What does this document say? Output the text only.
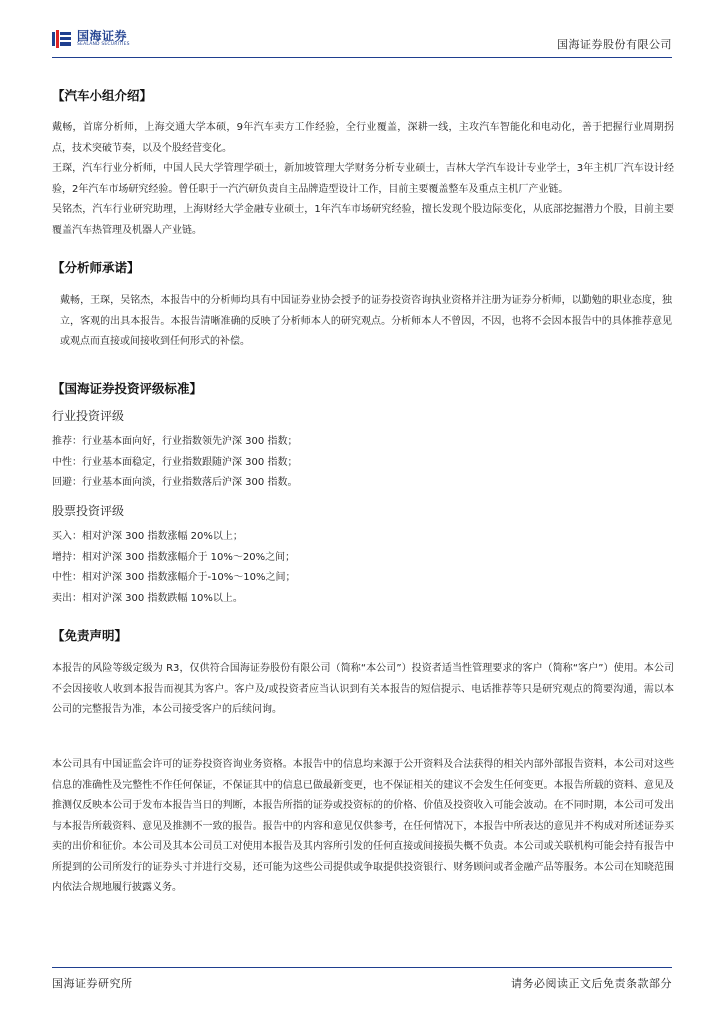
国海证券
SEALAND SECURITIES	国海证券股份有限公司
【汽车小组介绍】

戴畅，首席分析师，上海交通大学本硕，9年汽车卖方工作经验，全行业覆盖，深耕一线，主攻汽车智能化和电动化，善于把握行业周期拐点，技术突破节奏，以及个股经营变化。

王琛，汽车行业分析师，中国人民大学管理学硕士，新加坡管理大学财务分析专业硕士，吉林大学汽车设计专业学士，3年主机厂汽车设计经验，2年汽车市场研究经验。曾任职于一汽汽研负责自主品牌造型设计工作，目前主要覆盖整车及重点主机厂产业链。

吴铭杰，汽车行业研究助理，上海财经大学金融专业硕士，1年汽车市场研究经验，擅长发现个股边际变化，从底部挖掘潜力个股，目前主要覆盖汽车热管理及机器人产业链。

【分析师承诺】

戴畅，王琛，吴铭杰，本报告中的分析师均具有中国证券业协会授予的证券投资咨询执业资格并注册为证券分析师，以勤勉的职业态度，独立，客观的出具本报告。本报告清晰准确的反映了分析师本人的研究观点。分析师本人不曾因，不因，也将不会因本报告中的具体推荐意见或观点而直接或间接收到任何形式的补偿。

【国海证券投资评级标准】
行业投资评级
推荐：行业基本面向好，行业指数领先沪深 300 指数；
中性：行业基本面稳定，行业指数跟随沪深 300 指数；
回避：行业基本面向淡，行业指数落后沪深 300 指数。
股票投资评级
买入：相对沪深 300 指数涨幅 20%以上；
增持：相对沪深 300 指数涨幅介于 10%～20%之间；
中性：相对沪深 300 指数涨幅介于-10%～10%之间；
卖出：相对沪深 300 指数跌幅 10%以上。
【免责声明】

本报告的风险等级定级为 R3，仅供符合国海证券股份有限公司（简称“本公司”）投资者适当性管理要求的客户（简称“客户”）使用。本公司不会因接收人收到本报告而视其为客户。客户及/或投资者应当认识到有关本报告的短信提示、电话推荐等只是研究观点的简要沟通，需以本公司的完整报告为准，本公司接受客户的后续问询。

本公司具有中国证监会许可的证券投资咨询业务资格。本报告中的信息均来源于公开资料及合法获得的相关内部外部报告资料，本公司对这些信息的准确性及完整性不作任何保证，不保证其中的信息已做最新变更，也不保证相关的建议不会发生任何变更。本报告所载的资料、意见及推测仅反映本公司于发布本报告当日的判断，本报告所指的证券或投资标的的价格、价值及投资收入可能会波动。在不同时期，本公司可发出与本报告所载资料、意见及推测不一致的报告。报告中的内容和意见仅供参考，在任何情况下，本报告中所表达的意见并不构成对所述证券买卖的出价和征价。本公司及其本公司员工对使用本报告及其内容所引发的任何直接或间接损失概不负责。本公司或关联机构可能会持有报告中所提到的公司所发行的证券头寸并进行交易，还可能为这些公司提供或争取提供投资银行、财务顾问或者金融产品等服务。本公司在知晓范围内依法合规地履行披露义务。

国海证券研究所	请务必阅读正文后免责条款部分
